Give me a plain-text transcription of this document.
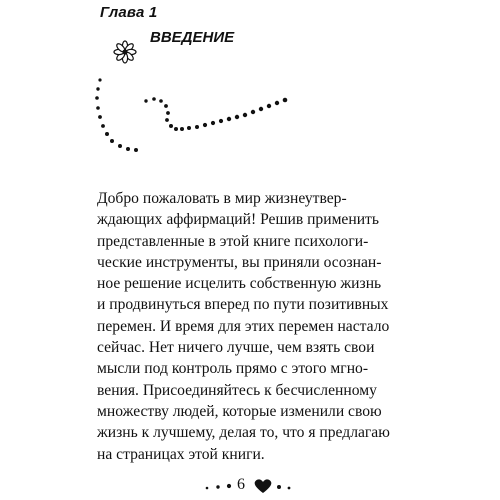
Глава 1
ВВЕДЕНИЕ
Добро пожаловать в мир жизнеутвер-
ждающих аффирмаций! Решив применить
представленные в этой книге психологи-
ческие инструменты, вы приняли осознан-
ное решение исцелить собственную жизнь
и продвинуться вперед по пути позитивных
перемен. И время для этих перемен настало
сейчас. Нет ничего лучше, чем взять свои
мысли под контроль прямо с этого мгно-
вения. Присоединяйтесь к бесчисленному
множеству людей, которые изменили свою
жизнь к лучшему, делая то, что я предлагаю
на страницах этой книги.
6
